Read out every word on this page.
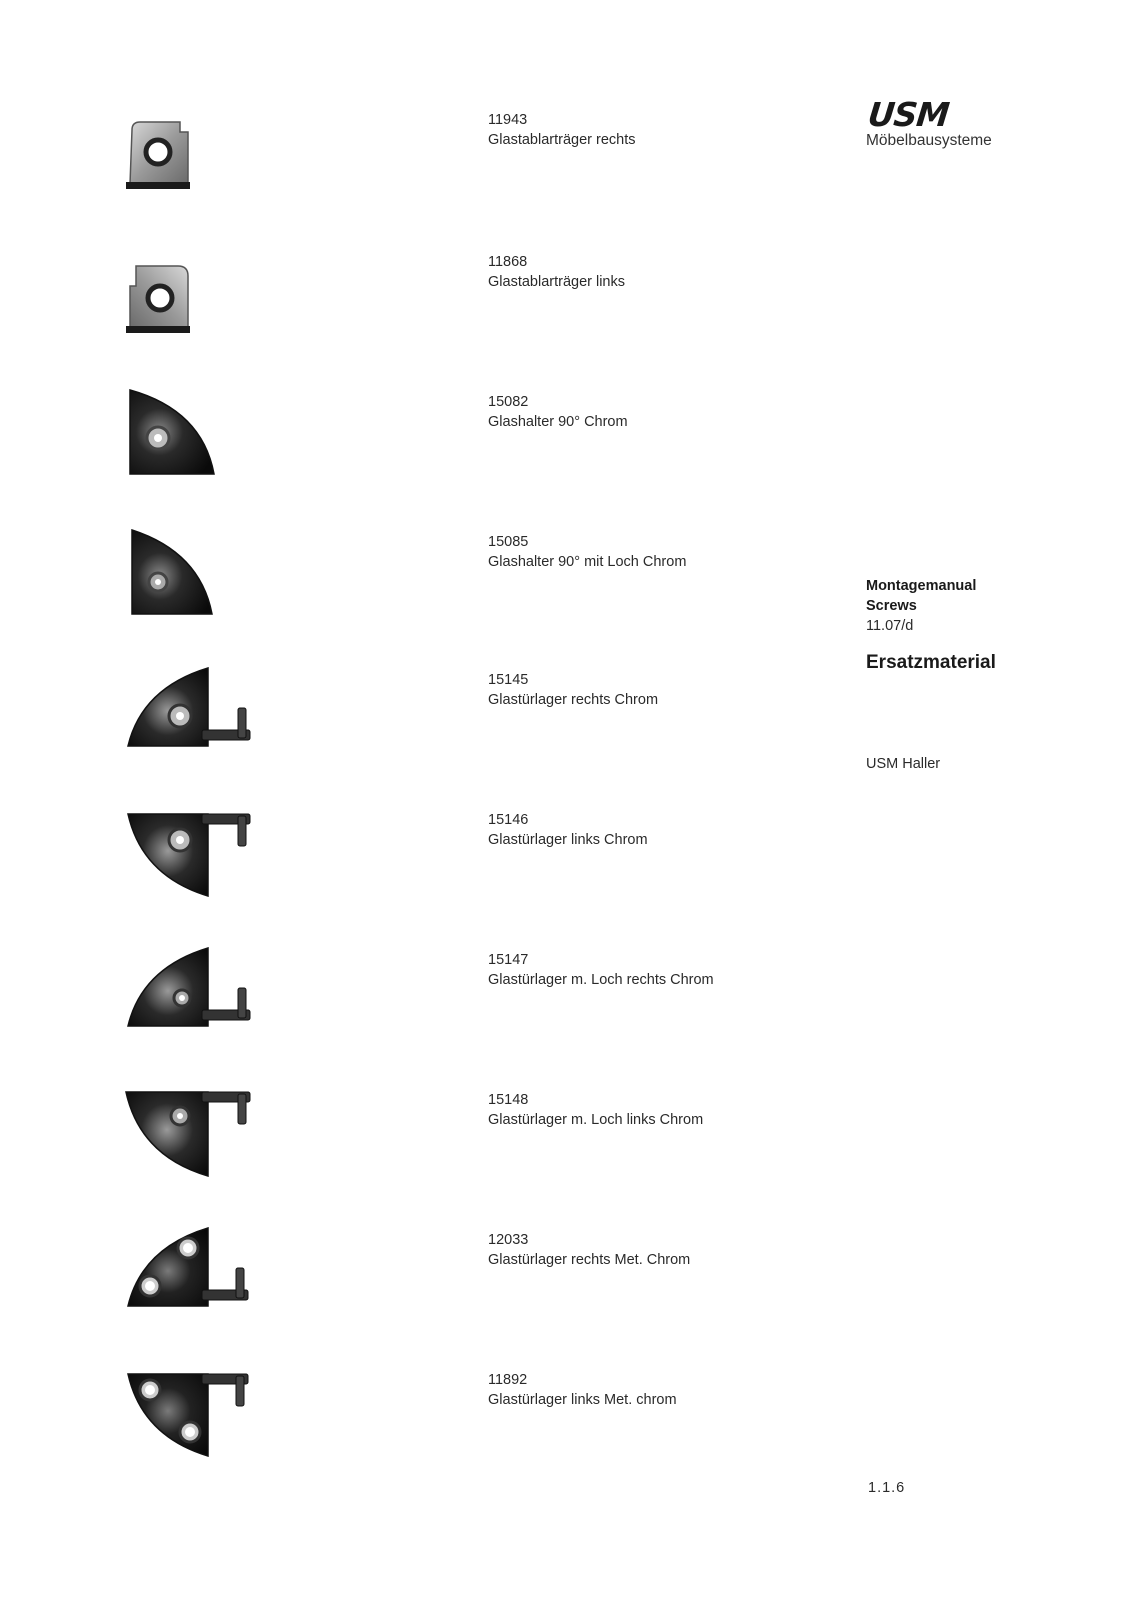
USM
Möbelbausysteme
Montagemanual
Screws
11.07/d
Ersatzmaterial
USM Haller
1.1.6
11943
Glastablarträger rechts
11868
Glastablarträger links
15082
Glashalter 90° Chrom
15085
Glashalter 90° mit Loch Chrom
15145
Glastürlager rechts Chrom
15146
Glastürlager links Chrom
15147
Glastürlager m. Loch rechts Chrom
15148
Glastürlager m. Loch links Chrom
12033
Glastürlager rechts Met. Chrom
11892
Glastürlager links Met. chrom
